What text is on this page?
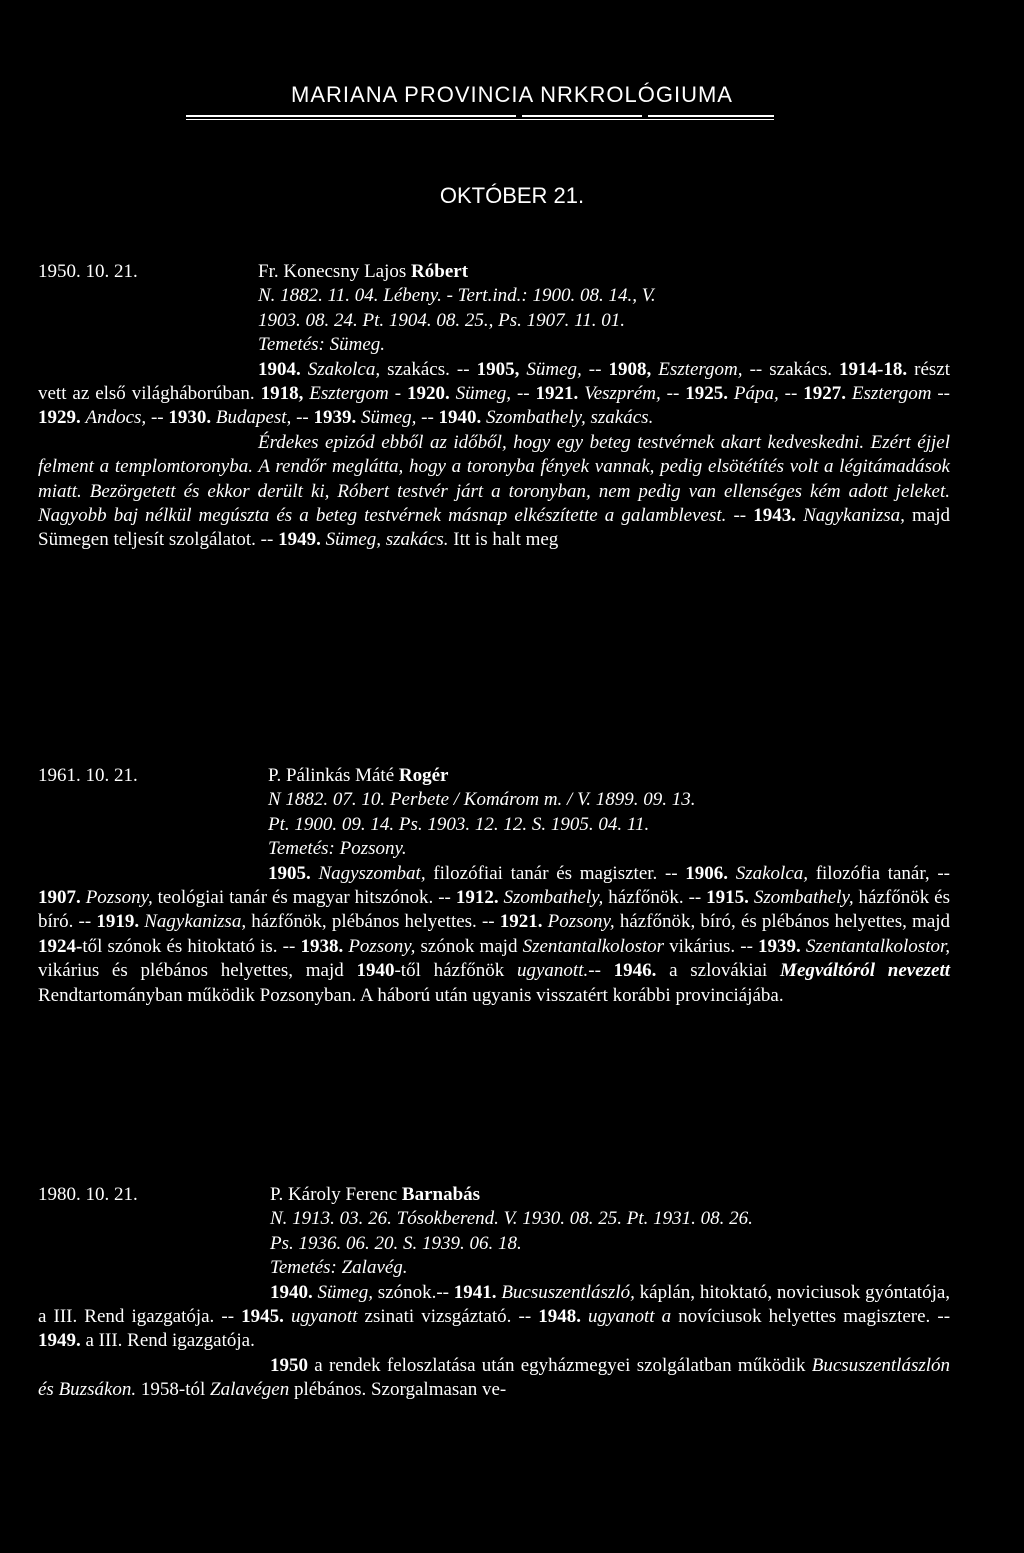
MARIANA PROVINCIA NRKROLÓGIUMA
OKTÓBER 21.
1950. 10. 21.	Fr. Konecsny Lajos Róbert
N. 1882. 11. 04. Lébeny. - Tert.ind.: 1900. 08. 14., V.
1903. 08. 24. Pt. 1904. 08. 25., Ps. 1907. 11. 01.
Temetés: Sümeg.
1904. Szakolca, szakács. -- 1905, Sümeg, -- 1908, Esztergom, -- szakács. 1914-18. részt vett az első világháborúban. 1918, Esztergom - 1920. Sümeg, -- 1921. Veszprém, -- 1925. Pápa, -- 1927. Esztergom -- 1929. Andocs, -- 1930. Budapest, -- 1939. Sümeg, -- 1940. Szombathely, szakács.
Érdekes epizód ebből az időből, hogy egy beteg testvérnek akart kedveskedni. Ezért éjjel felment a templomtoronyba. A rendőr meglátta, hogy a toronyba fények vannak, pedig elsötétítés volt a légitámadások miatt. Bezörgetett és ekkor derült ki, Róbert testvér járt a toronyban, nem pedig van ellenséges kém adott jeleket. Nagyobb baj nélkül megúszta és a beteg testvérnek másnap elkészítette a galamblevest. -- 1943. Nagykanizsa, majd Sümegen teljesít szolgálatot. -- 1949. Sümeg, szakács. Itt is halt meg
1961. 10. 21.	P. Pálinkás Máté Rogér
N 1882. 07. 10. Perbete / Komárom m. / V. 1899. 09. 13.
Pt. 1900. 09. 14. Ps. 1903. 12. 12. S. 1905. 04. 11.
Temetés: Pozsony.
1905. Nagyszombat, filozófiai tanár és magiszter. -- 1906. Szakolca, filozófia tanár, -- 1907. Pozsony, teológiai tanár és magyar hitszónok. -- 1912. Szombathely, házfőnök. -- 1915. Szombathely, házfőnök és bíró. -- 1919. Nagykanizsa, házfőnök, plébános helyettes. -- 1921. Pozsony, házfőnök, bíró, és plébános helyettes, majd 1924-től szónok és hitoktató is. -- 1938. Pozsony, szónok majd Szentantalkolostor vikárius. -- 1939. Szentantalkolostor, vikárius és plébános helyettes, majd 1940-től házfőnök ugyanott.-- 1946. a szlovákiai Megváltóról nevezett Rendtartományban működik Pozsonyban. A háború után ugyanis visszatért korábbi provinciájába.
1980. 10. 21.	P. Károly Ferenc Barnabás
N. 1913. 03. 26. Tósokberend. V. 1930. 08. 25. Pt. 1931. 08. 26.
Ps. 1936. 06. 20. S. 1939. 06. 18.
Temetés: Zalavég.
1940. Sümeg, szónok.-- 1941. Bucsuszentlászló, káplán, hitoktató, noviciusok gyóntatója, a III. Rend igazgatója. -- 1945. ugyanott zsinati vizsgáztató. -- 1948. ugyanott a novíciusok helyettes magisztere. -- 1949. a III. Rend igazgatója.
1950 a rendek feloszlatása után egyházmegyei szolgálatban működik Bucsuszentlászlón és Buzsákon. 1958-tól Zalavégen plébános. Szorgalmasan ve-
